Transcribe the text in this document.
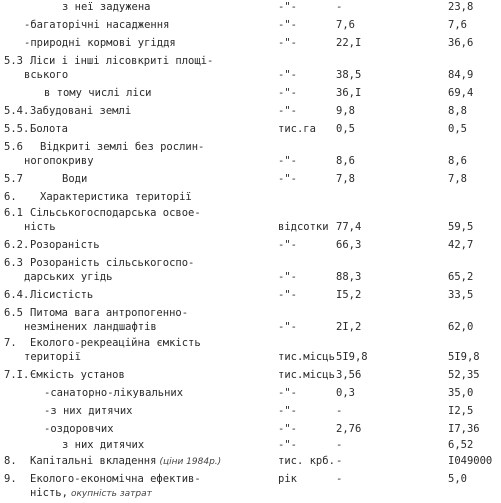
з неї задужена	-"-	-	23,8
-багаторічні насадження	-"-	7,6	7,6
-природні кормові угіддя	-"-	22,I	36,6
5.3 Ліси і інші лісовкриті площі-
вського	-"-	38,5	84,9
в тому числі ліси	-"-	36,I	69,4
5.4. Забудовані землі	-"-	9,8	8,8
5.5. Болота	тис.га 0,5	0,5
5.6 Відкриті землі без рослин-
ногопокриву	-"-	8,6	8,6
5.7	Води	-"-	7,8	7,8
6. Характеристика території
6.1 Сільськогосподарська освое-
ність	відсотки 77,4	59,5
6.2. Розораність	-"-	66,3	42,7
6.3 Розораність сільськогоспо-
дарських угідь	-"-	88,3	65,2
6.4. Лісистість	-"-	I5,2	33,5
6.5 Питома вага антропогенно-
незмінених ландшафтів	-"-	2I,2	62,0
7. Еколого-рекреаційна ємкість
території	тис.місць 5I9,8	5I9,8
7.I. Ємкість установ	тис.місць 3,56	52,35
-санаторно-лікувальних	-"-	0,3	35,0
-з них дитячих	-"-	-	I2,5
-оздоровчих	-"-	2,76	I7,36
з них дитячих	-"-	-	6,52
8. Капітальні вкладення (ціни 1984р.)	тис. крб. -	I049000
9. Еколого-економічна ефектив-	рік	-	5,0
ність, окупність затрат
